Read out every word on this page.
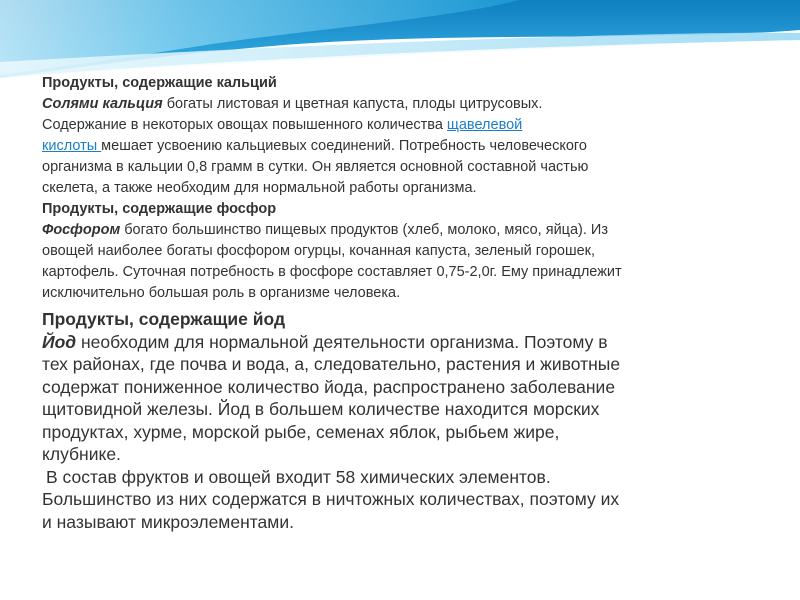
Продукты, содержащие кальций

Солями кальция богаты листовая и цветная капуста, плоды цитрусовых.

Содержание в некоторых овощах повышенного количества щавелевой

кислоты мешает усвоению кальциевых соединений. Потребность человеческого

организма в кальции 0,8 грамм в сутки. Он является основной составной частью

скелета, а также необходим для нормальной работы организма.

Продукты, содержащие фосфор

Фосфором богато большинство пищевых продуктов (хлеб, молоко, мясо, яйца). Из

овощей наиболее богаты фосфором огурцы, кочанная капуста, зеленый горошек,

картофель. Суточная потребность в фосфоре составляет 0,75-2,0г. Ему принадлежит

исключительно большая роль в организме человека.

Продукты, содержащие йод

Йод необходим для нормальной деятельности организма. Поэтому в

тех районах, где почва и вода, а, следовательно, растения и животные

содержат пониженное количество йода, распространено заболевание

щитовидной железы. Йод в большем количестве находится морских

продуктах, хурме, морской рыбе, семенах яблок, рыбьем жире,

клубнике.

В состав фруктов и овощей входит 58 химических элементов.

Большинство из них содержатся в ничтожных количествах, поэтому их

и называют микроэлементами.
